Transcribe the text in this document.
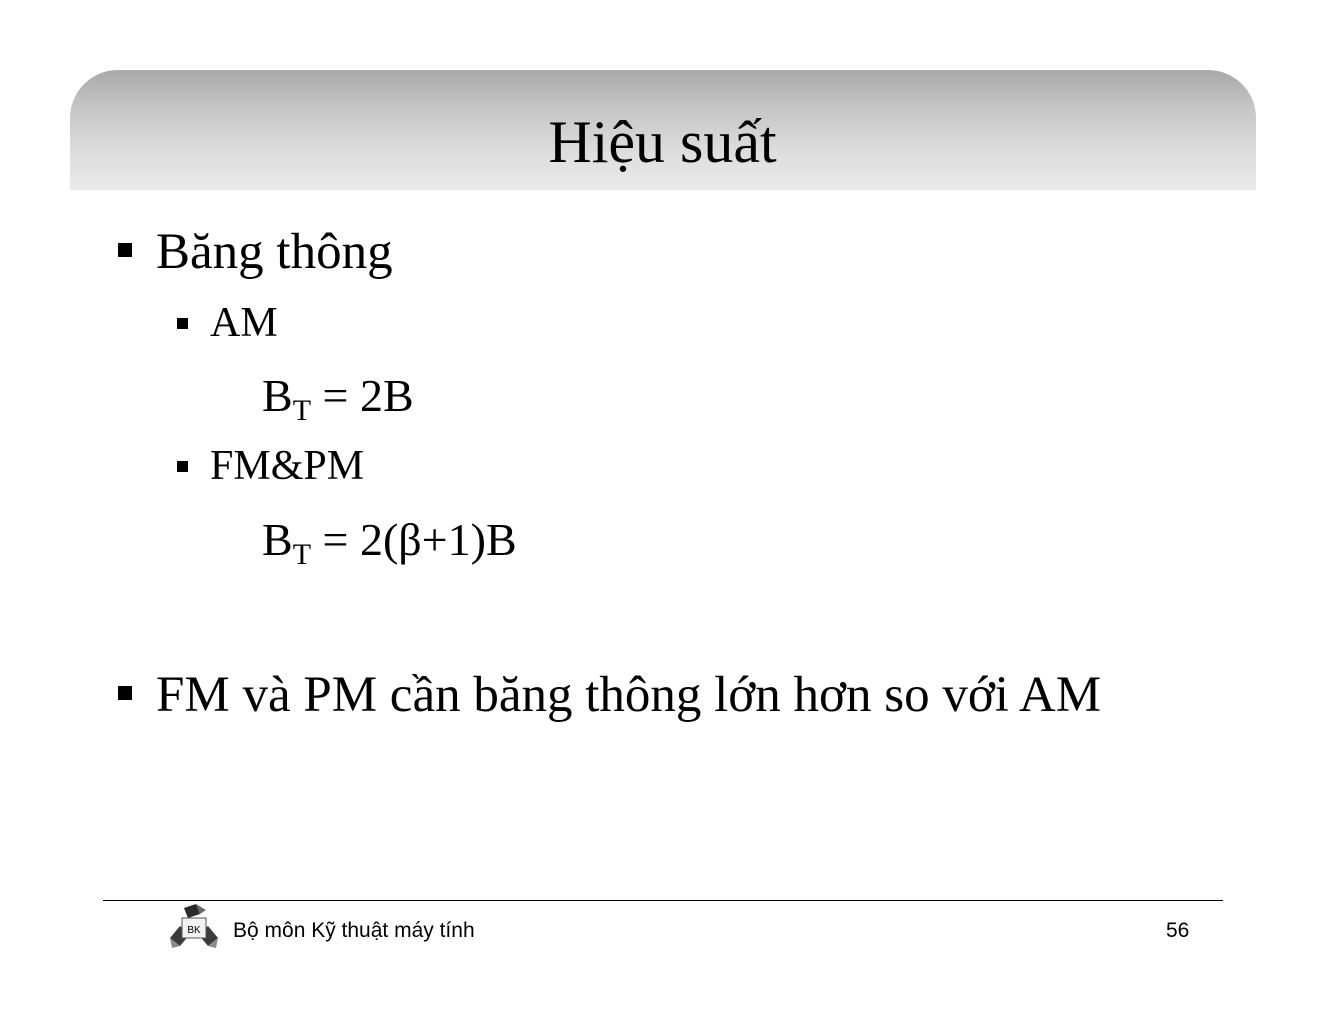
Hiệu suất
Băng thông
AM
$B_T = 2B$
FM&PM
$B_T = 2(\beta+1)B$
FM và PM cần băng thông lớn hơn so với AM
BK Bộ môn Kỹ thuật máy tính	56
